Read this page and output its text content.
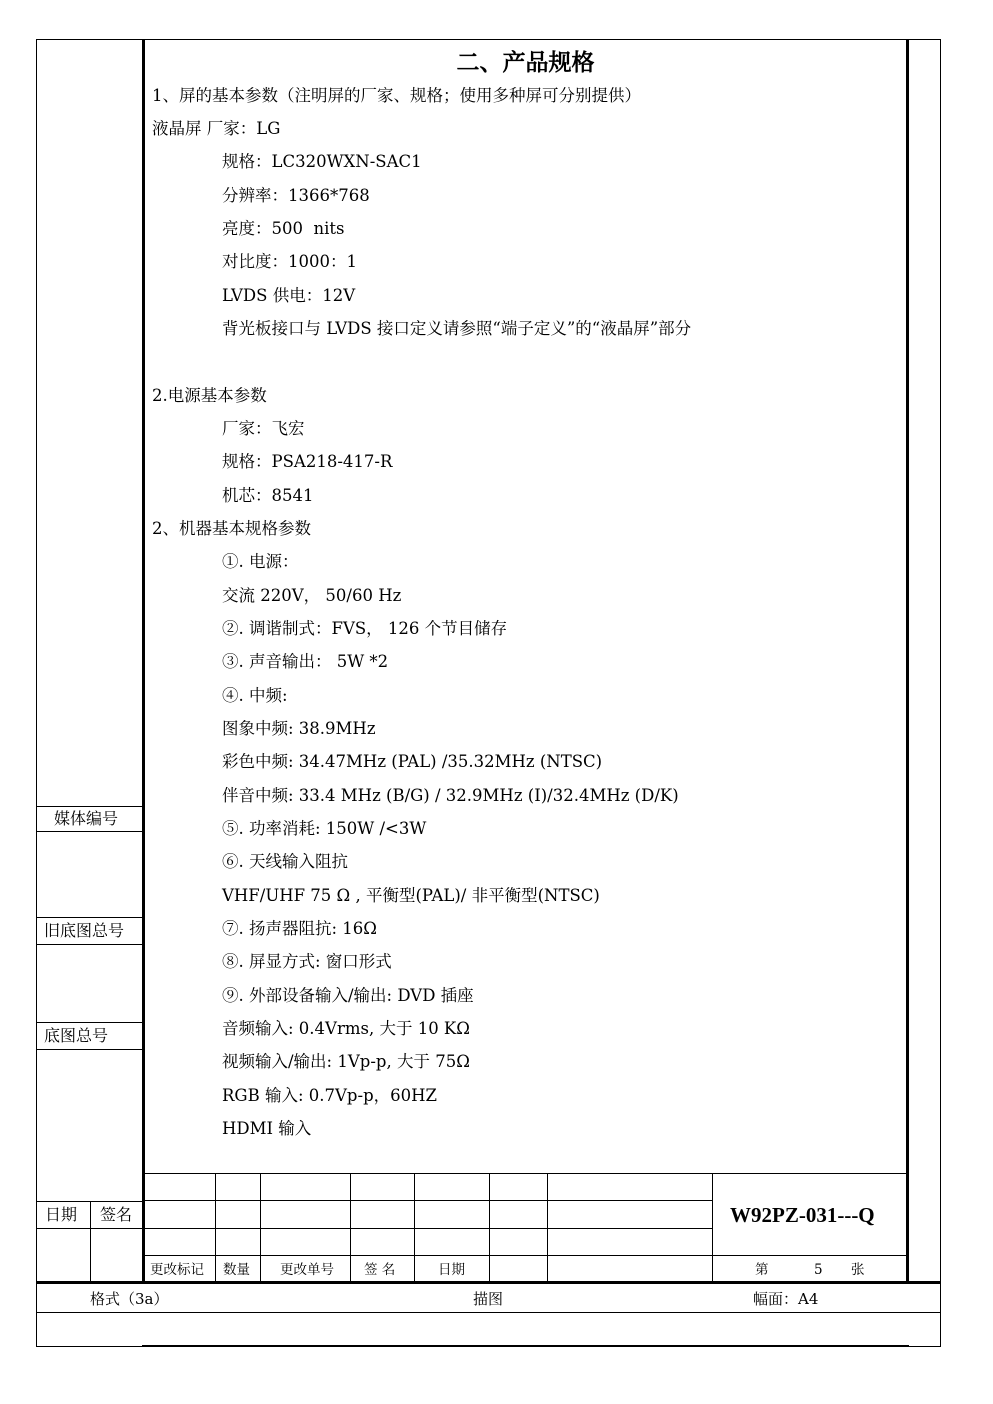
媒体编号
旧底图总号
底图总号
日期 签名
二、产品规格
1、屏的基本参数（注明屏的厂家、规格；使用多种屏可分别提供）
液晶屏 厂家：LG
规格：LC320WXN-SAC1
分辨率：1366*768
亮度：500  nits
对比度：1000：1
LVDS 供电：12V
背光板接口与 LVDS 接口定义请参照“端子定义”的“液晶屏”部分
2.电源基本参数
厂家：飞宏
规格：PSA218-417-R
机芯：8541
2、机器基本规格参数
①. 电源：
交流 220V， 50/60 Hz
②. 调谐制式：FVS， 126 个节目储存
③. 声音输出： 5W *2
④. 中频:
图象中频: 38.9MHz
彩色中频: 34.47MHz (PAL) /35.32MHz (NTSC)
伴音中频: 33.4 MHz (B/G) / 32.9MHz (I)/32.4MHz (D/K)
⑤. 功率消耗: 150W /<3W
⑥. 天线输入阻抗
VHF/UHF 75 Ω , 平衡型(PAL)/ 非平衡型(NTSC)
⑦. 扬声器阻抗: 16Ω
⑧. 屏显方式: 窗口形式
⑨. 外部设备输入/输出: DVD 插座
音频输入: 0.4Vrms, 大于 10 KΩ
视频输入/输出: 1Vp-p, 大于 75Ω
RGB 输入: 0.7Vp-p，60HZ
HDMI 输入
更改标记 数量 更改单号 签 名	日期
W92PZ-031---Q
第	5 张
格式（3a）	描图	幅面：A4
